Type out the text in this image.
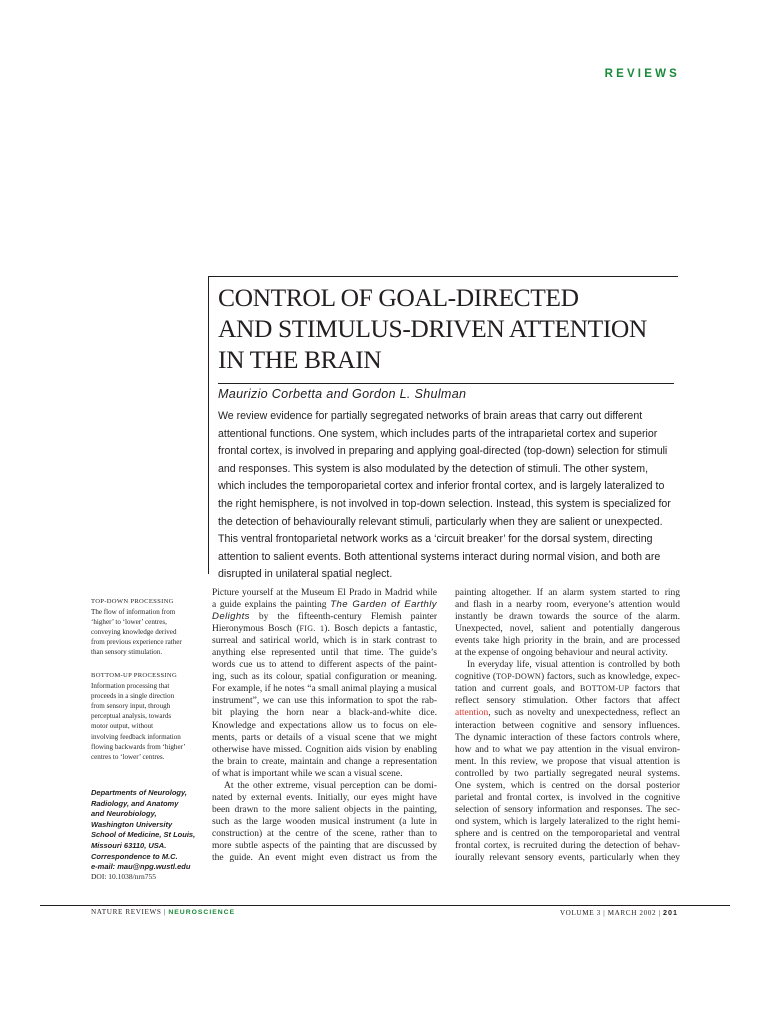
REVIEWS
CONTROL OF GOAL-DIRECTED
AND STIMULUS-DRIVEN ATTENTION
IN THE BRAIN
Maurizio Corbetta and Gordon L. Shulman
We review evidence for partially segregated networks of brain areas that carry out different
attentional functions. One system, which includes parts of the intraparietal cortex and superior
frontal cortex, is involved in preparing and applying goal-directed (top-down) selection for stimuli
and responses. This system is also modulated by the detection of stimuli. The other system,
which includes the temporoparietal cortex and inferior frontal cortex, and is largely lateralized to
the right hemisphere, is not involved in top-down selection. Instead, this system is specialized for
the detection of behaviourally relevant stimuli, particularly when they are salient or unexpected.
This ventral frontoparietal network works as a ‘circuit breaker’ for the dorsal system, directing
attention to salient events. Both attentional systems interact during normal vision, and both are
disrupted in unilateral spatial neglect.
TOP-DOWN PROCESSING
The flow of information from
‘higher’ to ‘lower’ centres,
conveying knowledge derived
from previous experience rather
than sensory stimulation.
BOTTOM-UP PROCESSING
Information processing that
proceeds in a single direction
from sensory input, through
perceptual analysis, towards
motor output, without
involving feedback information
flowing backwards from ‘higher’
centres to ‘lower’ centres.
Departments of Neurology,
Radiology, and Anatomy
and Neurobiology,
Washington University
School of Medicine, St Louis,
Missouri 63110, USA.
Correspondence to M.C.
e-mail: mau@npg.wustl.edu
DOI: 10.1038/nrn755
Picture yourself at the Museum El Prado in Madrid while
a guide explains the painting The Garden of Earthly
Delights by the fifteenth-century Flemish painter
Hieronymous Bosch (FIG. 1). Bosch depicts a fantastic,
surreal and satirical world, which is in stark contrast to
anything else represented until that time. The guide’s
words cue us to attend to different aspects of the paint-
ing, such as its colour, spatial configuration or meaning.
For example, if he notes “a small animal playing a musical
instrument”, we can use this information to spot the rab-
bit playing the horn near a black-and-white dice.
Knowledge and expectations allow us to focus on ele-
ments, parts or details of a visual scene that we might
otherwise have missed. Cognition aids vision by enabling
the brain to create, maintain and change a representation
of what is important while we scan a visual scene.
At the other extreme, visual perception can be domi-
nated by external events. Initially, our eyes might have
been drawn to the more salient objects in the painting,
such as the large wooden musical instrument (a lute in
construction) at the centre of the scene, rather than to
more subtle aspects of the painting that are discussed by
the guide. An event might even distract us from the
painting altogether. If an alarm system started to ring
and flash in a nearby room, everyone’s attention would
instantly be drawn towards the source of the alarm.
Unexpected, novel, salient and potentially dangerous
events take high priority in the brain, and are processed
at the expense of ongoing behaviour and neural activity.
In everyday life, visual attention is controlled by both
cognitive (TOP-DOWN) factors, such as knowledge, expec-
tation and current goals, and BOTTOM-UP factors that
reflect sensory stimulation. Other factors that affect
attention, such as novelty and unexpectedness, reflect an
interaction between cognitive and sensory influences.
The dynamic interaction of these factors controls where,
how and to what we pay attention in the visual environ-
ment. In this review, we propose that visual attention is
controlled by two partially segregated neural systems.
One system, which is centred on the dorsal posterior
parietal and frontal cortex, is involved in the cognitive
selection of sensory information and responses. The sec-
ond system, which is largely lateralized to the right hemi-
sphere and is centred on the temporoparietal and ventral
frontal cortex, is recruited during the detection of behav-
iourally relevant sensory events, particularly when they
NATURE REVIEWS | NEUROSCIENCE	VOLUME 3 | MARCH 2002 | 201
